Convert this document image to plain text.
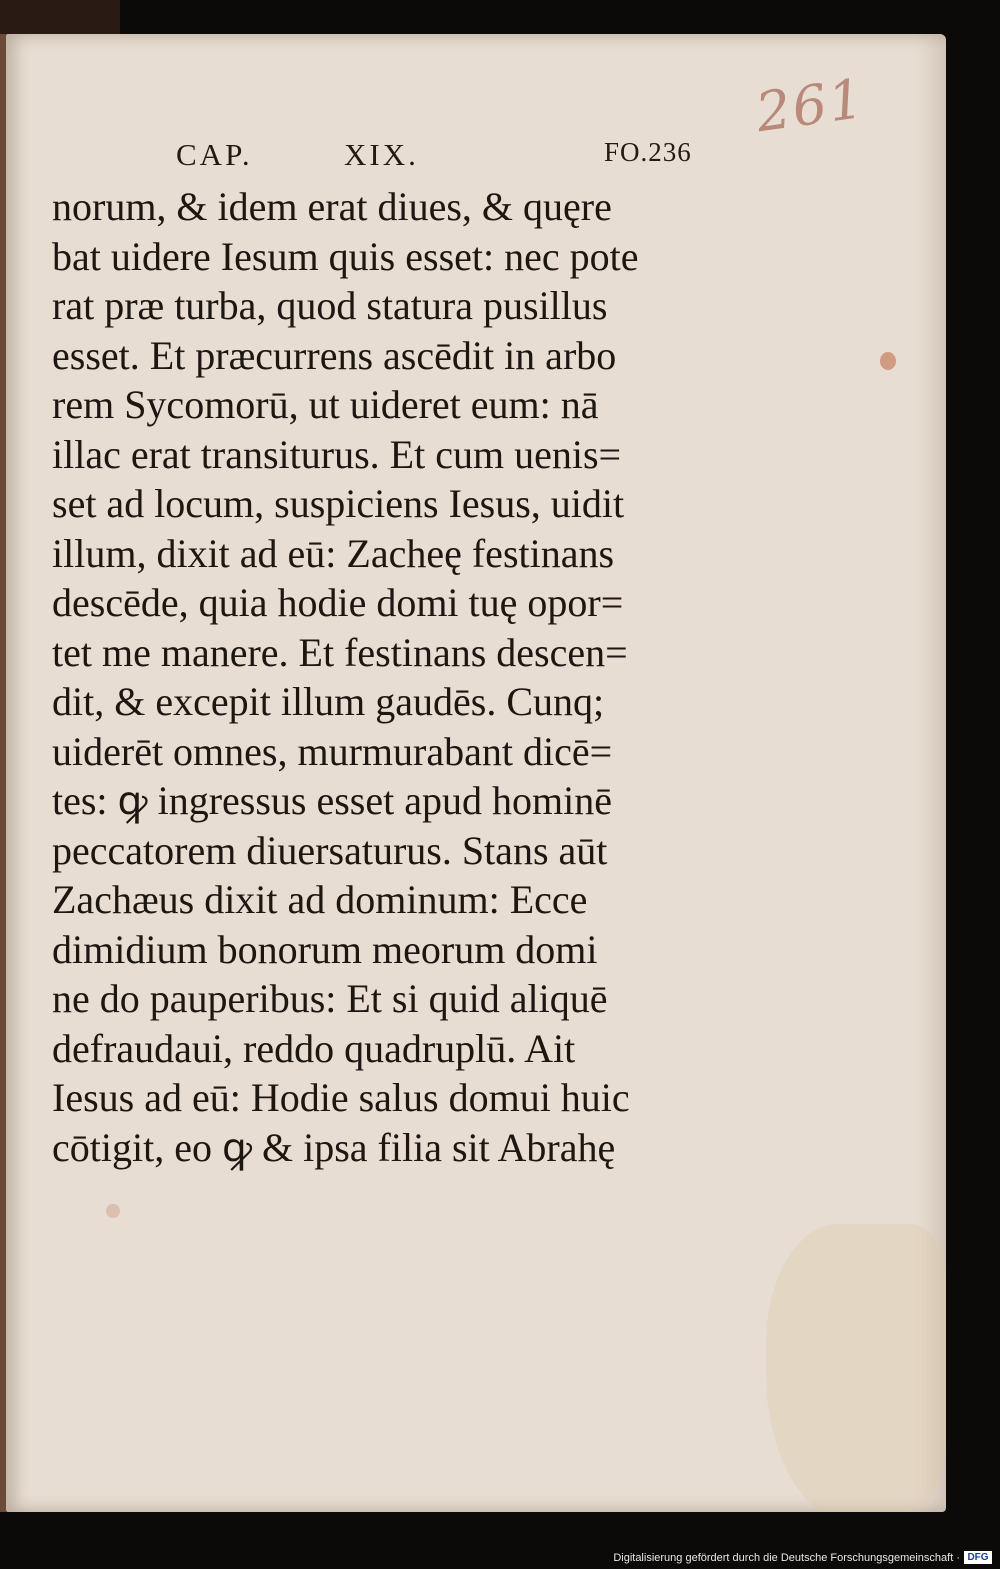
261
CAP.	XIX.	FO.236
norum, & idem erat diues, & quęre
bat uidere Iesum quis esset: nec pote
rat præ turba, quod statura pusillus
esset. Et præcurrens ascēdit in arbo
rem Sycomorū, ut uideret eum: nā
illac erat transiturus. Et cum uenis=
set ad locum, suspiciens Iesus, uidit
illum, dixit ad eū: Zacheę festinans
descēde, quia hodie domi tuę opor=
tet me manere. Et festinans descen=
dit, & excepit illum gaudēs. Cunq;
uiderēt omnes, murmurabant dicē=
tes: ꝙ ingressus esset apud hominē
peccatorem diuersaturus. Stans aūt
Zachæus dixit ad dominum: Ecce
dimidium bonorum meorum domi
ne do pauperibus: Et si quid aliquē
defraudaui, reddo quadruplū. Ait
Iesus ad eū: Hodie salus domui huic
cōtigit, eo ꝙ & ipsa filia sit Abrahę
Digitalisierung gefördert durch die Deutsche Forschungsgemeinschaft · DFG
